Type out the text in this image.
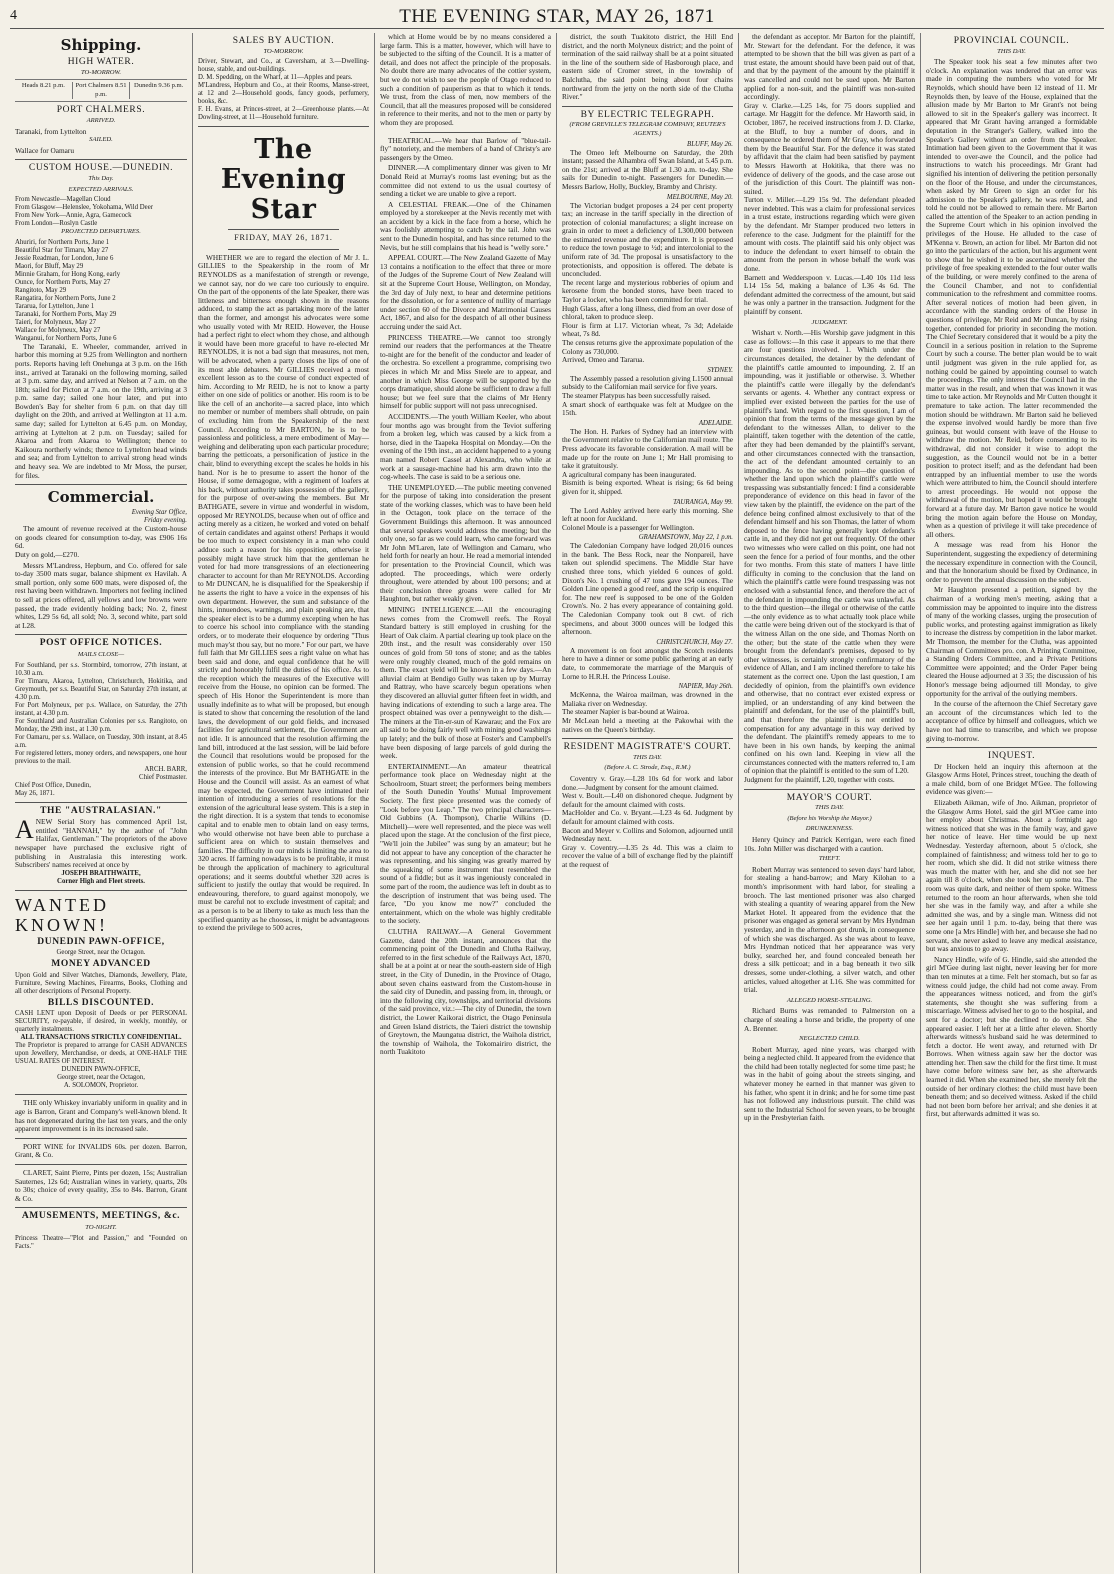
4	THE EVENING STAR, MAY 26, 1871
Shipping.
HIGH WATER.
TO-MORROW.
Heads 8.21 p.m.	Port Chalmers 8.51 p.m.
Dunedin 9.36 p.m.
PORT CHALMERS.
ARRIVED.
Taranaki, from Lyttelton
SAILED.
Wallace for Oamaru
CUSTOM HOUSE.—DUNEDIN.
This Day.
EXPECTED ARRIVALS.
From Newcastle—Magellan Cloud
From Glasgow—Helenslee, Yokohama, Wild Deer
From New York—Annie, Agra, Gamecock
From London—Roslyn Castle
PROJECTED DEPARTURES.
Ahuriri, for Northern Ports, June 1
Beautiful Star for Timaru, May 27
Jessie Readman, for London, June 6
Maori, for Bluff, May 29
Minnie Graham, for Hong Kong, early
Ounce, for Northern Ports, May 27
Rangitoto, May 29
Rangatira, for Northern Ports, June 2
Tararua, for Lyttelton, June 1
Taranaki, for Northern Ports, May 29
Taieri, for Molyneux, May 27
Wallace for Molyneux, May 27
Wanganui, for Northern Ports, June 6

The Taranaki, E. Wheeler, commander, arrived in harbor this morning at 9.25 from Wellington and northern ports. Reports having left Onehunga at 3 p.m. on the 16th inst., arrived at Taranaki on the following morning, sailed at 3 p.m. same day, and arrived at Nelson at 7 a.m. on the 18th; sailed for Picton at 7 a.m. on the 19th, arriving at 3 p.m. same day; sailed one hour later, and put into Bowden's Bay for shelter from 6 p.m. on that day till daylight on the 20th, and arrived at Wellington at 11 a.m. same day; sailed for Lyttelton at 6.45 p.m. on Monday, arriving at Lyttelton at 2 p.m. on Tuesday; sailed for Akaroa and from Akaroa to Wellington; thence to Kaikoura northerly winds; thence to Lyttelton head winds and sea; and from Lyttelton to arrival strong head winds and heavy sea. We are indebted to Mr Moss, the purser, for files.

Commercial.
Evening Star Office,
Friday evening.

The amount of revenue received at the Custom-house on goods cleared for consumption to-day, was £906 16s 6d.
Duty on gold,—£270.

Messrs M'Landress, Hepburn, and Co. offered for sale to-day 3500 mats sugar, balance shipment ex Havilah. A small portion, only some 600 mats, were disposed of, the rest having been withdrawn. Importers not feeling inclined to sell at prices offered, all yellows and low browns were passed, the trade evidently holding back; No. 2, finest whites, L29 5s 6d, all sold; No. 3, second white, part sold at L28.

POST OFFICE NOTICES.
MAILS CLOSE—
For Southland, per s.s. Stormbird, tomorrow, 27th instant, at 10.30 a.m.
For Timaru, Akaroa, Lyttelton, Christchurch, Hokitika, and Greymouth, per s.s. Beautiful Star, on Saturday 27th instant, at 4.30 p.m.
For Port Molyneux, per p.s. Wallace, on Saturday, the 27th instant, at 4.30 p.m.
For Southland and Australian Colonies per s.s. Rangitoto, on Monday, the 29th inst., at 1.30 p.m.
For Oamaru, per s.s. Wallace, on Tuesday, 30th instant, at 8.45 a.m.
For registered letters, money orders, and newspapers, one hour previous to the mail.
ARCH. BARR,
Chief Postmaster.
Chief Post Office, Dunedin,
May 26, 1871.
THE "AUSTRALASIAN."
ANEW Serial Story has commenced April 1st, entitled "HANNAH," by the author of "John Halifax, Gentleman." The proprietors of the above newspaper have purchased the exclusive right of publishing in Australasia this interesting work. Subscribers' names received at once by
JOSEPH BRAITHWAITE,
Corner High and Fleet streets.
WANTED KNOWN!
DUNEDIN PAWN-OFFICE,
George Street, near the Octagon.
MONEY ADVANCED
Upon Gold and Silver Watches, Diamonds, Jewellery, Plate, Furniture, Sewing Machines, Firearms, Books, Clothing and all other descriptions of Personal Property.
BILLS DISCOUNTED.
CASH LENT upon Deposit of Deeds or per PERSONAL SECURITY, re-payable, if desired, in weekly, monthly, or quarterly instalments.
ALL TRANSACTIONS STRICTLY CONFIDENTIAL.
The Proprietor is prepared to arrange for CASH ADVANCES upon Jewellery, Merchandise, or deeds, at ONE-HALF THE USUAL RATES OF INTEREST.
DUNEDIN PAWN-OFFICE,
George street, near the Octagon,
A. SOLOMON, Proprietor.

THE only Whiskey invariably uniform in quality and in age is Barron, Grant and Company's well-known blend. It has not degenerated during the last ten years, and the only apparent improvement is in its increased sale.

PORT WINE for INVALIDS 60s. per dozen. Barron, Grant, & Co.

CLARET, Saint Pierre, Pints per dozen, 15s; Australian Sauternes, 12s 6d; Australian wines in variety, quarts, 20s to 30s; choice of every quality, 35s to 84s. Barron, Grant & Co.

AMUSEMENTS, MEETINGS, &c.
TO-NIGHT.
Princess Theatre—"Plot and Passion," and "Founded on Facts."
SALES BY AUCTION.
TO-MORROW.
Driver, Stewart, and Co., at Caversham, at 3.—Dwelling-house, stable, and out-buildings.
D. M. Spedding, on the Wharf, at 11—Apples and pears.
M'Landress, Hepburn and Co., at their Rooms, Manse-street, at 12 and 2—Household goods, fancy goods, perfumery, books, &c.
F. H. Evans, at Princes-street, at 2—Greenhouse plants.—At Dowling-street, at 11—Household furniture.
The Evening Star
FRIDAY, MAY 26, 1871.

WHETHER we are to regard the election of Mr J. L. GILLIES to the Speakership in the room of Mr REYNOLDS as a manifestation of strength or revenge, we cannot say, nor do we care too curiously to enquire. On the part of the opponents of the late Speaker, there was littleness and bitterness enough shown in the reasons adduced, to stamp the act as partaking more of the latter than the former, and amongst his advocates were some who usually voted with Mr REID. However, the House had a perfect right to elect whom they chose, and although it would have been more graceful to have re-elected Mr REYNOLDS, it is not a bad sign that measures, not men, will be advocated, when a party closes the lips of one of its most able debaters. Mr GILLIES received a most excellent lesson as to the course of conduct expected of him. According to Mr REID, he is not to know a party either on one side of politics or another. His room is to be like the cell of an anchorite—a sacred place, into which no member or number of members shall obtrude, on pain of excluding him from the Speakership of the next Council. According to Mr BARTON, he is to be passionless and politicless, a mere embodiment of May—weighing and deliberating upon each particular procedure; barring the petticoats, a personification of justice in the chair, blind to everything except the scales he holds in his hand. Nor is he to presume to assert the honor of the House, if some demagogue, with a regiment of loafers at his back, without authority takes possession of the gallery, for the purpose of over-awing the members. But Mr BATHGATE, severe in virtue and wonderful in wisdom, opposed Mr REYNOLDS, because when out of office and acting merely as a citizen, he worked and voted on behalf of certain candidates and against others! Perhaps it would be too much to expect consistency in a man who could adduce such a reason for his opposition, otherwise it possibly might have struck him that the gentleman he voted for had more transgressions of an electioneering character to account for than Mr REYNOLDS. According to Mr DUNCAN, he is disqualified for the Speakership if he asserts the right to have a voice in the expenses of his own department. However, the sum and substance of the hints, innuendoes, warnings, and plain speaking are, that the speaker elect is to be a dummy excepting when he has to coerce his school into compliance with the standing orders, or to moderate their eloquence by ordering "Thus much may'st thou say, but no more." For our part, we have full faith that Mr GILLIES sees a right value on what has been said and done, and equal confidence that he will strictly and honorably fulfil the duties of his office. As to the reception which the measures of the Executive will receive from the House, no opinion can be formed. The speech of His Honor the Superintendent is more than usually indefinite as to what will be proposed, but enough is stated to show that concerning the resolution of the land laws, the development of our gold fields, and increased facilities for agricultural settlement, the Government are not idle. It is announced that the resolution affirming the land bill, introduced at the last session, will be laid before the Council that resolutions would be proposed for the extension of public works, so that he could recommend the interests of the province. But Mr BATHGATE in the House and the Council will assist. As an earnest of what may be expected, the Government have intimated their intention of introducing a series of resolutions for the extension of the agricultural lease system. This is a step in the right direction. It is a system that tends to economise capital and to enable men to obtain land on easy terms, who would otherwise not have been able to purchase a sufficient area on which to sustain themselves and families. The difficulty in our minds is limiting the area to 320 acres. If farming nowadays is to be profitable, it must be through the application of machinery to agricultural operations; and it seems doubtful whether 320 acres is sufficient to justify the outlay that would be required. In endeavouring, therefore, to guard against monopoly, we must be careful not to exclude investment of capital; and as a person is to be at liberty to take as much less than the specified quantity as he chooses, it might be advantageous to extend the privilege to 500 acres,

which at Home would be by no means considered a large farm. This is a matter, however, which will have to be subjected to the sifting of the Council. It is a matter of detail, and does not affect the principle of the proposals. No doubt there are many advocates of the cottier system, but we do not wish to see the people of Otago reduced to such a condition of pauperism as that to which it tends. We trust, from the class of men, now members of the Council, that all the measures proposed will be considered in reference to their merits, and not to the men or party by whom they are proposed.

THEATRICAL.—We hear that Barlow of "blue-tail-fly" notoriety, and the members of a band of Christy's are passengers by the Omeo.

DINNER.—A complimentary dinner was given to Mr Donald Reid at Murray's rooms last evening; but as the committee did not extend to us the usual courtesy of sending a ticket we are unable to give a report.

A CELESTIAL FREAK.—One of the Chinamen employed by a storekeeper at the Nevis recently met with an accident by a kick in the face from a horse, which he was foolishly attempting to catch by the tail. John was sent to the Dunedin hospital, and has since returned to the Nevis, but he still complains that his head is "welly sore."

APPEAL COURT.—The New Zealand Gazette of May 13 contains a notification to the effect that three or more of the Judges of the Supreme Court of New Zealand will sit at the Supreme Court House, Wellington, on Monday, the 3rd day of July next, to hear and determine petitions for the dissolution, or for a sentence of nullity of marriage under section 60 of the Divorce and Matrimonial Causes Act, 1867, and also for the despatch of all other business accruing under the said Act.

PRINCESS THEATRE.—We cannot too strongly remind our readers that the performances at the Theatre to-night are for the benefit of the conductor and leader of the orchestra. So excellent a programme, comprising two pieces in which Mr and Miss Steele are to appear, and another in which Miss George will be supported by the corps dramatique, should alone be sufficient to draw a full house; but we feel sure that the claims of Mr Henry himself for public support will not pass unrecognised.

ACCIDENTS.—The youth William Keeler, who about four months ago was brought from the Teviot suffering from a broken leg, which was caused by a kick from a horse, died in the Taapeka Hospital on Monday.—On the evening of the 19th inst., an accident happened to a young man named Robert Cassel at Alexandra, who while at work at a sausage-machine had his arm drawn into the cog-wheels. The case is said to be a serious one.

THE UNEMPLOYED.—The public meeting convened for the purpose of taking into consideration the present state of the working classes, which was to have been held in the Octagon, took place on the terrace of the Government Buildings this afternoon. It was announced that several speakers would address the meeting; but the only one, so far as we could learn, who came forward was Mr John M'Laren, late of Wellington and Camaru, who held forth for nearly an hour. He read a memorial intended for presentation to the Provincial Council, which was adopted. The proceedings, which were orderly throughout, were attended by about 100 persons; and at their conclusion three groans were called for Mr Haughton, but rather weakly given.

MINING INTELLIGENCE.—All the encouraging news comes from the Cromwell reefs. The Royal Standard battery is still employed in crushing for the Heart of Oak claim. A partial clearing up took place on the 20th inst., and the result was considerably over 150 ounces of gold from 50 tons of stone; and as the tables were only roughly cleaned, much of the gold remains on them. The exact yield will be known in a few days.—An alluvial claim at Bendigo Gully was taken up by Murray and Rattray, who have scarcely begun operations when they discovered an alluvial gutter fifteen feet in width, and having indications of extending to such a large area. The prospect obtained was over a pennyweight to the dish.—The miners at the Tin-er-sun of Kawarau; and the Fox are all said to be doing fairly well with mining good washings up lately; and the bulk of those at Foster's and Campbell's have been disposing of large parcels of gold during the week.

ENTERTAINMENT.—An amateur theatrical performance took place on Wednesday night at the Schoolroom, Stuart street; the performers being members of the South Dunedin Youths' Mutual Improvement Society. The first piece presented was the comedy of "Look before you Leap." The two principal characters—Old Gubbins (A. Thompson), Charlie Wilkins (D. Mitchell)—were well represented, and the piece was well placed upon the stage. At the conclusion of the first piece, "We'll join the Jubilee" was sung by an amateur; but he did not appear to have any conception of the character he was representing, and his singing was greatly marred by the squeaking of some instrument that resembled the sound of a fiddle; but as it was ingeniously concealed in some part of the room, the audience was left in doubt as to the description of instrument that was being used. The farce, "Do you know me now?" concluded the entertainment, which on the whole was highly creditable to the society.

CLUTHA RAILWAY.—A General Government Gazette, dated the 20th instant, announces that the commencing point of the Dunedin and Clutha Railway, referred to in the first schedule of the Railways Act, 1870, shall be at a point at or near the south-eastern side of High street, in the City of Dunedin, in the Province of Otago, about seven chains eastward from the Custom-house in the said city of Dunedin, and passing from, in, through, or into the following city, townships, and territorial divisions of the said province, viz.:—The city of Dunedin, the town district, the Lower Kaikorai district, the Otago Peninsula and Green Island districts, the Taieri district the township of Greytown, the Maungatua district, the Waihola district, the township of Waihola, the Tokomairiro district, the north Tuakitoto

district, the south Tuakitoto district, the Hill End district, and the north Molyneux district; and the point of termination of the said railway shall be at a point situated in the line of the southern side of Hasborough place, and eastern side of Cromer street, in the township of Balclutha, the said point being about four chains northward from the jetty on the north side of the Clutha River."

BY ELECTRIC TELEGRAPH.
(FROM GREVILLE'S TELEGRAM COMPANY, REUTER'S AGENTS.)
BLUFF, May 26.

The Omeo left Melbourne on Saturday, the 20th instant; passed the Alhambra off Swan Island, at 5.45 p.m. on the 21st; arrived at the Bluff at 1.30 a.m. to-day. She sails for Dunedin to-night. Passengers for Dunedin.—Messrs Barlow, Holly, Buckley, Bramby and Christy.

MELBOURNE, May 20.

The Victorian budget proposes a 24 per cent property tax; an increase in the tariff specially in the direction of protection of colonial manufactures; a slight increase on grain in order to meet a deficiency of L300,000 between the estimated revenue and the expenditure. It is proposed to reduce the town postage to ½d; and intercolonial to the uniform rate of 3d. The proposal is unsatisfactory to the protectionists, and opposition is offered. The debate is unconcluded.
The recent large and mysterious robberies of opium and kerosene from the bonded stores, have been traced to Taylor a locker, who has been committed for trial.
Hugh Glass, after a long illness, died from an over dose of chloral, taken to produce sleep.
Flour is firm at L17. Victorian wheat, 7s 3d; Adelaide wheat, 7s 8d.
The census returns give the approximate population of the Colony as 730,000.
Arrived, Omeo and Tararua.

SYDNEY.

The Assembly passed a resolution giving L1500 annual subsidy to the Californian mail service for five years.
The steamer Platypus has been successfully raised.
A smart shock of earthquake was felt at Mudgee on the 15th.

ADELAIDE.

The Hon. H. Parkes of Sydney had an interview with the Government relative to the Californian mail route. The Press advocate its favorable consideration. A mail will be made up for the route on June 1; Mr Hall promising to take it gratuitously.
A agricultural company has been inaugurated.
Bismith is being exported. Wheat is rising; 6s 6d being given for it, shipped.

TAURANGA, May 99.

The Lord Ashley arrived here early this morning. She left at noon for Auckland.
Colonel Moule is a passenger for Wellington.

GRAHAMSTOWN, May 22, 1 p.m.

The Caledonian Company have lodged 20,016 ounces in the bank. The Bess Rock, near the Nonpareil, have taken out splendid specimens. The Middle Star have crushed three tons, which yielded 6 ounces of gold. Dixon's No. 1 crushing of 47 tons gave 194 ounces. The Golden Line opened a good reef, and the scrip is enquired for. The new reef is supposed to be one of the Golden Crown's. No. 2 has every appearance of containing gold. The Caledonian Company took out 8 cwt. of rich specimens, and about 3000 ounces will be lodged this afternoon.

CHRISTCHURCH, May 27.

A movement is on foot amongst the Scotch residents here to have a dinner or some public gathering at an early date, to commemorate the marriage of the Marquis of Lorne to H.R.H. the Princess Louise.

NAPIER, May 26th.

McKenna, the Wairoa mailman, was drowned in the Maliaka river on Wednesday.
The steamer Napier is bar-bound at Wairoa.
Mr McLean held a meeting at the Pakowhai with the natives on the Queen's birthday.

RESIDENT MAGISTRATE'S COURT.
THIS DAY.
(Before A. C. Strode, Esq., R.M.)

Coventry v. Gray.—L28 10s 6d for work and labor done.—Judgment by consent for the amount claimed.
West v. Boult.—L40 on dishonored cheque. Judgment by default for the amount claimed with costs.
MacHolder and Co. v. Bryant.—L23 4s 6d. Judgment by default for amount claimed with costs.
Bacon and Meyer v. Collins and Solomon, adjourned until Wednesday next.
Gray v. Coventry.—L35 2s 4d. This was a claim to recover the value of a bill of exchange fled by the plaintiff at the request of

the defendant as acceptor. Mr Barton for the plaintiff, Mr. Stewart for the defendant. For the defence, it was attempted to be shown that the bill was given as part of a trust estate, the amount should have been paid out of that, and that by the payment of the amount by the plaintiff it was cancelled and could not be sued upon. Mr Barton applied for a non-suit, and the plaintiff was non-suited accordingly.
Gray v. Clarke.—L25 14s, for 75 doors supplied and cartage. Mr Haggitt for the defence. Mr Haworth said, in October, 1867, he received instructions from J. D. Clarke, at the Bluff, to buy a number of doors, and in consequence he ordered them of Mr Gray, who forwarded them by the Beautiful Star. For the defence it was stated by affidavit that the claim had been satisfied by payment to Messrs Haworth at Hokitika, that there was no evidence of delivery of the goods, and the case arose out of the jurisdiction of this Court. The plaintiff was non-suited.
Turton v. Miller.—L29 15s 9d. The defendant pleaded never indebted. This was a claim for professional services in a trust estate, instructions regarding which were given by the defendant. Mr Stamper produced two letters in reference to the case. Judgment for the plaintiff for the amount with costs. The plaintiff said his only object was to induce the defendant to exert himself to obtain the amount from the person in whose behalf the work was done.
Barnett and Wedderspoon v. Lucas.—L40 10s 11d less L14 15s 5d, making a balance of L36 4s 6d. The defendant admitted the correctness of the amount, but said he was only a partner in the transaction. Judgment for the plaintiff by consent.

JUDGMENT.

Wishart v. North.—His Worship gave judgment in this case as follows:—In this case it appears to me that there are four questions involved. 1. Which under the circumstances detailed, the detainer by the defendant of the plaintiff's cattle amounted to impounding. 2. If an impounding, was it justifiable or otherwise. 3. Whether the plaintiff's cattle were illegally by the defendant's servants or agents. 4. Whether any contract express or implied ever existed between the parties for the use of plaintiff's land. With regard to the first question, I am of opinion that from the terms of the message given by the defendant to the witnesses Allan, to deliver to the plaintiff, taken together with the detention of the cattle, after they had been demanded by the plaintiff's servant, and other circumstances connected with the transaction, the act of the defendant amounted certainly to an impounding. As to the second point—the question of whether the land upon which the plaintiff's cattle were trespassing was substantially fenced: I find a considerable preponderance of evidence on this head in favor of the view taken by the plaintiff, the evidence on the part of the defence being confined almost exclusively to that of the defendant himself and his son Thomas, the latter of whom deposed to the fence having generally kept defendant's cattle in, and they did not get out frequently. Of the other two witnesses who were called on this point, one had not seen the fence for a period of four months, and the other for two months. From this state of matters I have little difficulty in coming to the conclusion that the land on which the plaintiff's cattle were found trespassing was not enclosed with a substantial fence, and therefore the act of the defendant in impounding the cattle was unlawful. As to the third question—the illegal or otherwise of the cattle—the only evidence as to what actually took place while the cattle were being driven out of the stockyard is that of the witness Allan on the one side, and Thomas North on the other; but the state of the cattle when they were brought from the defendant's premises, deposed to by other witnesses, is certainly strongly confirmatory of the evidence of Allan, and I am inclined therefore to take his statement as the correct one. Upon the last question, I am decidedly of opinion, from the plaintiff's own evidence and otherwise, that no contract ever existed express or implied, or an understanding of any kind between the plaintiff and defendant, for the use of the plaintiff's bull, and that therefore the plaintiff is not entitled to compensation for any advantage in this way derived by the defendant. The plaintiff's remedy appears to me to have been in his own hands, by keeping the animal confined on his own land. Keeping in view all the circumstances connected with the matters referred to, I am of opinion that the plaintiff is entitled to the sum of L20.
Judgment for the plaintiff, L20, together with costs.

MAYOR'S COURT.
THIS DAY.
(Before his Worship the Mayor.)
DRUNKENNESS.

Henry Quincy and Patrick Kerrigan, were each fined 10s. John Miller was discharged with a caution.

THEFT.

Robert Murray was sentenced to seven days' hard labor, for stealing a hand-barrow; and Mary Kilohan to a month's imprisonment with hard labor, for stealing a brooch. The last mentioned prisoner was also charged with stealing a quantity of wearing apparel from the New Market Hotel. It appeared from the evidence that the prisoner was engaged as general servant by Mrs Hyndman yesterday, and in the afternoon got drunk, in consequence of which she was discharged. As she was about to leave, Mrs Hyndman noticed that her appearance was very bulky, searched her, and found concealed beneath her dress a silk petticoat; and in a bag beneath it two silk dresses, some under-clothing, a silver watch, and other articles, valued altogether at L16. She was committed for trial.

ALLEGED HORSE-STEALING.

Richard Burns was remanded to Palmerston on a charge of stealing a horse and bridle, the property of one A. Brenner.

NEGLECTED CHILD.

Robert Murray, aged nine years, was charged with being a neglected child. It appeared from the evidence that the child had been totally neglected for some time past; he was in the habit of going about the streets singing, and whatever money he earned in that manner was given to his father, who spent it in drink; and he for some time past has not followed any industrious pursuit. The child was sent to the Industrial School for seven years, to be brought up in the Presbyterian faith.

PROVINCIAL COUNCIL.
THIS DAY.

The Speaker took his seat a few minutes after two o'clock. An explanation was tendered that an error was made in computing the numbers who voted for Mr Reynolds, which should have been 12 instead of 11. Mr Reynolds then, by leave of the House, explained that the allusion made by Mr Barton to Mr Grant's not being allowed to sit in the Speaker's gallery was incorrect. It appeared that Mr Grant having arranged a formidable deputation in the Stranger's Gallery, walked into the Speaker's Gallery without an order from the Speaker. Intimation had been given to the Government that it was intended to over-awe the Council, and the police had instructions to watch his proceedings. Mr Grant had signified his intention of delivering the petition personally on the floor of the House, and under the circumstances, when asked by Mr Green to sign an order for his admission to the Speaker's gallery, he was refused, and told he could not be allowed to remain there. Mr Barton called the attention of the Speaker to an action pending in the Supreme Court which in his opinion involved the privileges of the House. He alluded to the case of M'Kenna v. Brown, an action for libel. Mr Barton did not go into the particulars of the action, but his argument went to show that he wished it to be ascertained whether the privilege of free speaking extended to the four outer walls of the building, or were merely confined to the arena of the Council Chamber, and not to confidential communication to the refreshment and committee rooms. After several notices of motion had been given, in accordance with the standing orders of the House in questions of privilege, Mr Reid and Mr Duncan, by rising together, contended for priority in seconding the motion. The Chief Secretary considered that it would be a pity the Council in a serious position in relation to the Supreme Court by such a course. The better plan would be to wait until judgment was given in the rule applied for, as nothing could be gained by appointing counsel to watch the proceedings. The only interest the Council had in the matter was in the result, and when that was known it was time to take action. Mr Reynolds and Mr Cutten thought it premature to take action. The latter recommended the motion should be withdrawn. Mr Barton said he believed the expense involved would hardly be more than five guineas, but would consent with leave of the House to withdraw the motion. Mr Reid, before consenting to its withdrawal, did not consider it wise to adopt the suggestion, as the Council would not be in a better position to protect itself; and as the defendant had been entrapped by an influential member to use the words which were attributed to him, the Council should interfere to arrest proceedings. He would not oppose the withdrawal of the motion, but hoped it would be brought forward at a future day. Mr Barton gave notice he would bring the motion again before the House on Monday, when as a question of privilege it will take precedence of all others.

A message was read from his Honor the Superintendent, suggesting the expediency of determining the necessary expenditure in connection with the Council, and that the honorarium should be fixed by Ordinance, in order to prevent the annual discussion on the subject.

Mr Haughton presented a petition, signed by the chairman of a working men's meeting, asking that a commission may be appointed to inquire into the distress of many of the working classes, urging the prosecution of public works, and protesting against immigration as likely to increase the distress by competition in the labor market. Mr Thomson, the member for the Clutha, was appointed Chairman of Committees pro. con. A Printing Committee, a Standing Orders Committee, and a Private Petitions Committee were appointed; and the Order Paper being cleared the House adjourned at 3 35; the discussion of his Honor's message being adjourned till Monday, to give opportunity for the arrival of the outlying members.

In the course of the afternoon the Chief Secretary gave an account of the circumstances which led to the acceptance of office by himself and colleagues, which we have not had time to transcribe, and which we propose giving to-morrow.

INQUEST.

Dr Hocken held an inquiry this afternoon at the Glasgow Arms Hotel, Princes street, touching the death of a male child, born of one Bridget M'Gee. The following evidence was given:—

Elizabeth Aikman, wife of Jno. Aikman, proprietor of the Glasgow Arms Hotel, said the girl M'Gee came into her employ about Christmas. About a fortnight ago witness noticed that she was in the family way, and gave her notice of leave. Her time would be up next Wednesday. Yesterday afternoon, about 5 o'clock, she complained of faintishness; and witness told her to go to her room, which she did. It did not strike witness there was much the matter with her, and she did not see her again till 8 o'clock, when she took her up some tea. The room was quite dark, and neither of them spoke. Witness returned to the room an hour afterwards, when she told her she was in the family way, and after a while she admitted she was, and by a single man. Witness did not see her again until 1 p.m. to-day, being that there was some one [a Mrs Hindle] with her, and because she had no servant, she never asked to leave any medical assistance, but was anxious to go away.

Nancy Hindle, wife of G. Hindle, said she attended the girl M'Gee during last night, never leaving her for more than ten minutes at a time. Felt her stomach, but so far as witness could judge, the child had not come away. From the appearances witness noticed, and from the girl's statements, she thought she was suffering from a miscarriage. Witness advised her to go to the hospital, and sent for a doctor; but she declined to do either. She appeared easier. I left her at a little after eleven. Shortly afterwards witness's husband said he was determined to fetch a doctor. He went away, and returned with Dr Borrows. When witness again saw her the doctor was attending her. Then saw the child for the first time. It must have come before witness saw her, as she afterwards learned it did. When she examined her, she merely felt the outside of her ordinary clothes: the child must have been beneath them; and so deceived witness. Asked if the child had not been born before her arrival; and she denies it at first, but afterwards admitted it was so.
